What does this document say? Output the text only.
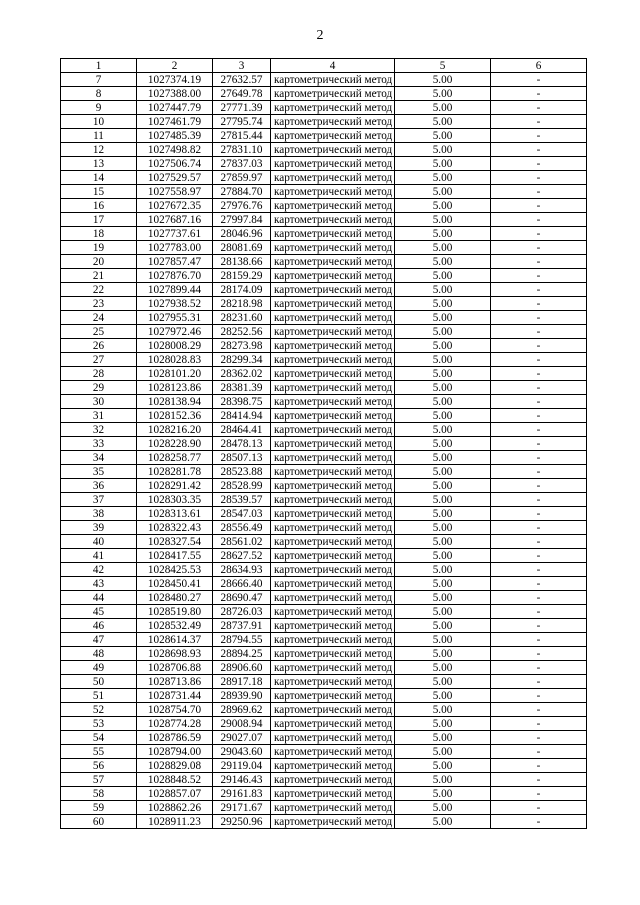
2
1	2	3	4	5	6
7	1027374.19	27632.57	картометрический метод	5.00	-
8	1027388.00	27649.78	картометрический метод	5.00	-
9	1027447.79	27771.39	картометрический метод	5.00	-
10	1027461.79	27795.74	картометрический метод	5.00	-
11	1027485.39	27815.44	картометрический метод	5.00	-
12	1027498.82	27831.10	картометрический метод	5.00	-
13	1027506.74	27837.03	картометрический метод	5.00	-
14	1027529.57	27859.97	картометрический метод	5.00	-
15	1027558.97	27884.70	картометрический метод	5.00	-
16	1027672.35	27976.76	картометрический метод	5.00	-
17	1027687.16	27997.84	картометрический метод	5.00	-
18	1027737.61	28046.96	картометрический метод	5.00	-
19	1027783.00	28081.69	картометрический метод	5.00	-
20	1027857.47	28138.66	картометрический метод	5.00	-
21	1027876.70	28159.29	картометрический метод	5.00	-
22	1027899.44	28174.09	картометрический метод	5.00	-
23	1027938.52	28218.98	картометрический метод	5.00	-
24	1027955.31	28231.60	картометрический метод	5.00	-
25	1027972.46	28252.56	картометрический метод	5.00	-
26	1028008.29	28273.98	картометрический метод	5.00	-
27	1028028.83	28299.34	картометрический метод	5.00	-
28	1028101.20	28362.02	картометрический метод	5.00	-
29	1028123.86	28381.39	картометрический метод	5.00	-
30	1028138.94	28398.75	картометрический метод	5.00	-
31	1028152.36	28414.94	картометрический метод	5.00	-
32	1028216.20	28464.41	картометрический метод	5.00	-
33	1028228.90	28478.13	картометрический метод	5.00	-
34	1028258.77	28507.13	картометрический метод	5.00	-
35	1028281.78	28523.88	картометрический метод	5.00	-
36	1028291.42	28528.99	картометрический метод	5.00	-
37	1028303.35	28539.57	картометрический метод	5.00	-
38	1028313.61	28547.03	картометрический метод	5.00	-
39	1028322.43	28556.49	картометрический метод	5.00	-
40	1028327.54	28561.02	картометрический метод	5.00	-
41	1028417.55	28627.52	картометрический метод	5.00	-
42	1028425.53	28634.93	картометрический метод	5.00	-
43	1028450.41	28666.40	картометрический метод	5.00	-
44	1028480.27	28690.47	картометрический метод	5.00	-
45	1028519.80	28726.03	картометрический метод	5.00	-
46	1028532.49	28737.91	картометрический метод	5.00	-
47	1028614.37	28794.55	картометрический метод	5.00	-
48	1028698.93	28894.25	картометрический метод	5.00	-
49	1028706.88	28906.60	картометрический метод	5.00	-
50	1028713.86	28917.18	картометрический метод	5.00	-
51	1028731.44	28939.90	картометрический метод	5.00	-
52	1028754.70	28969.62	картометрический метод	5.00	-
53	1028774.28	29008.94	картометрический метод	5.00	-
54	1028786.59	29027.07	картометрический метод	5.00	-
55	1028794.00	29043.60	картометрический метод	5.00	-
56	1028829.08	29119.04	картометрический метод	5.00	-
57	1028848.52	29146.43	картометрический метод	5.00	-
58	1028857.07	29161.83	картометрический метод	5.00	-
59	1028862.26	29171.67	картометрический метод	5.00	-
60	1028911.23	29250.96	картометрический метод	5.00	-
